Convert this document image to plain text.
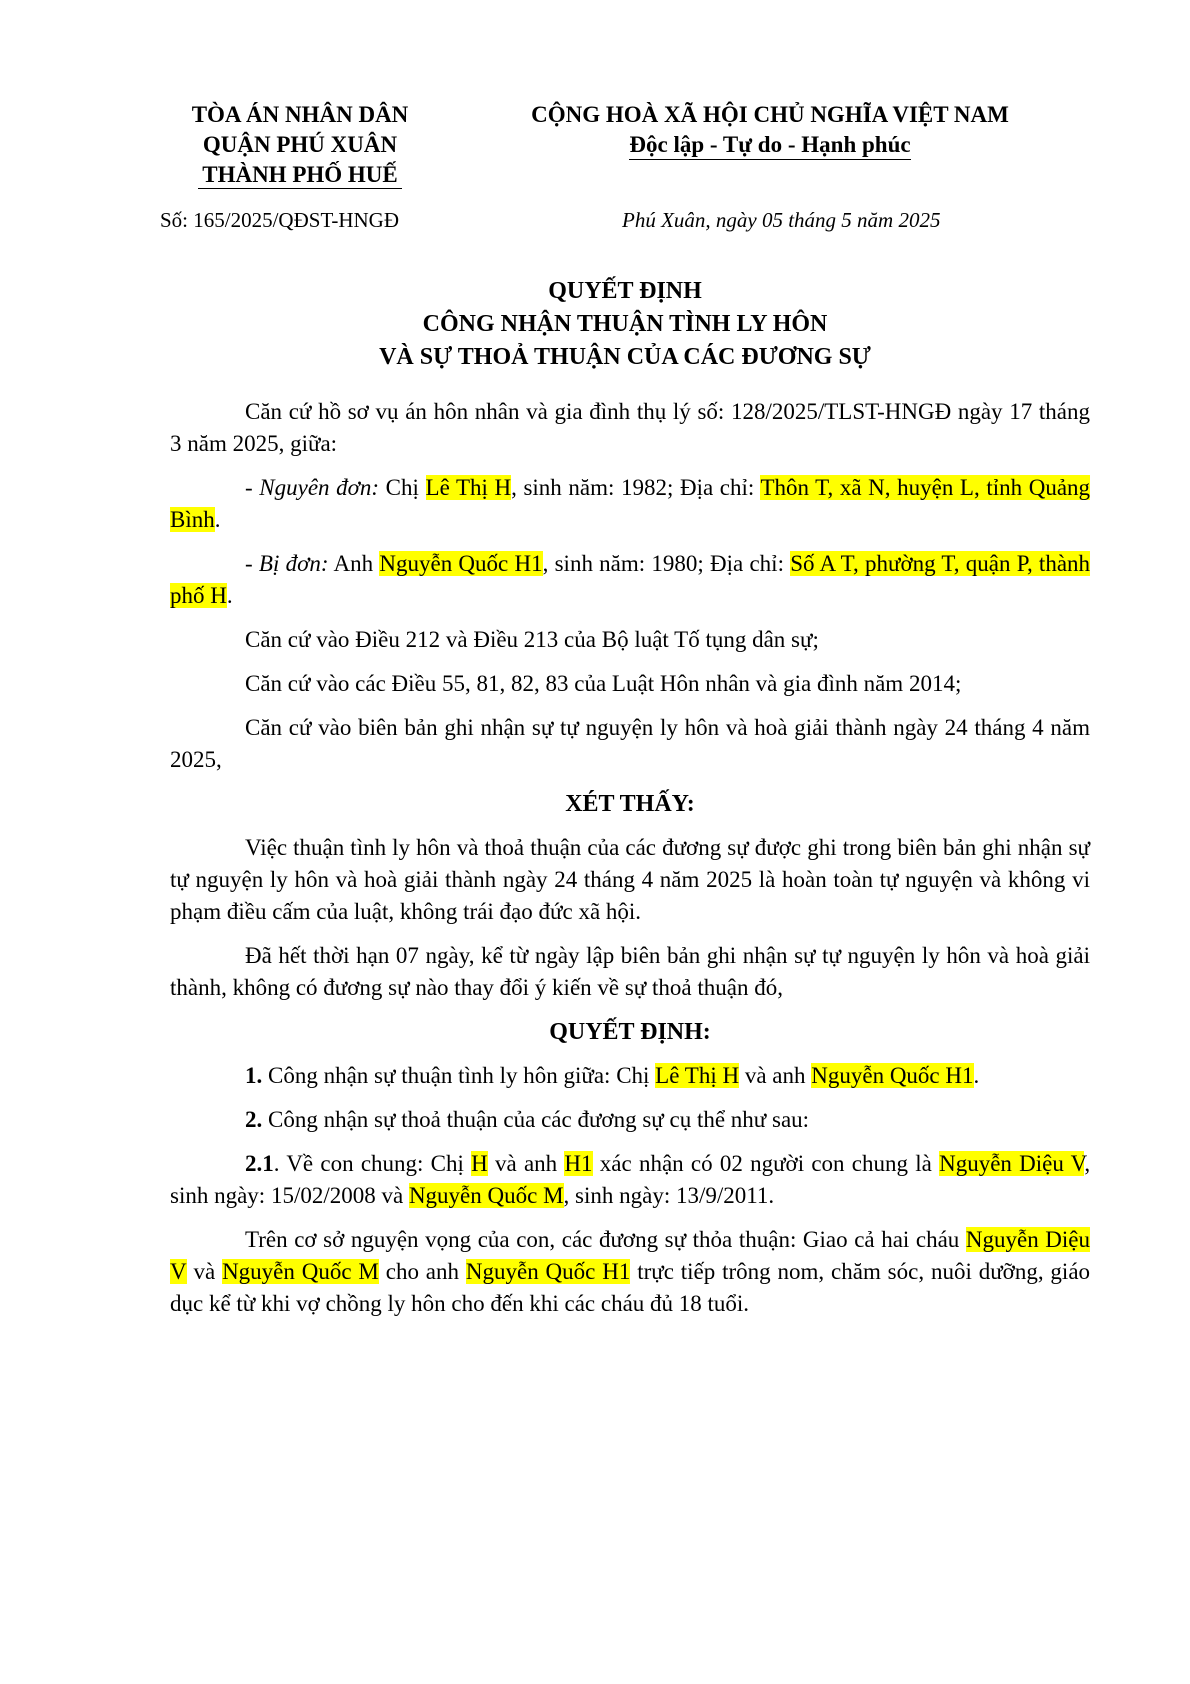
TÒA ÁN NHÂN DÂN
QUẬN PHÚ XUÂN
THÀNH PHỐ HUẾ
CỘNG HOÀ XÃ HỘI CHỦ NGHĨA VIỆT NAM
Độc lập - Tự do - Hạnh phúc
Số: 165/2025/QĐST-HNGĐ	Phú Xuân, ngày 05 tháng 5 năm 2025
QUYẾT ĐỊNH
CÔNG NHẬN THUẬN TÌNH LY HÔN
VÀ SỰ THOẢ THUẬN CỦA CÁC ĐƯƠNG SỰ

Căn cứ hồ sơ vụ án hôn nhân và gia đình thụ lý số: 128/2025/TLST-HNGĐ ngày 17 tháng 3 năm 2025, giữa:

- Nguyên đơn: Chị Lê Thị H, sinh năm: 1982; Địa chỉ: Thôn T, xã N, huyện L, tỉnh Quảng Bình.

- Bị đơn: Anh Nguyễn Quốc H1, sinh năm: 1980; Địa chỉ: Số A T, phường T, quận P, thành phố H.

Căn cứ vào Điều 212 và Điều 213 của Bộ luật Tố tụng dân sự;

Căn cứ vào các Điều 55, 81, 82, 83 của Luật Hôn nhân và gia đình năm 2014;

Căn cứ vào biên bản ghi nhận sự tự nguyện ly hôn và hoà giải thành ngày 24 tháng 4 năm 2025,

XÉT THẤY:

Việc thuận tình ly hôn và thoả thuận của các đương sự được ghi trong biên bản ghi nhận sự tự nguyện ly hôn và hoà giải thành ngày 24 tháng 4 năm 2025 là hoàn toàn tự nguyện và không vi phạm điều cấm của luật, không trái đạo đức xã hội.

Đã hết thời hạn 07 ngày, kể từ ngày lập biên bản ghi nhận sự tự nguyện ly hôn và hoà giải thành, không có đương sự nào thay đổi ý kiến về sự thoả thuận đó,

QUYẾT ĐỊNH:

1. Công nhận sự thuận tình ly hôn giữa: Chị Lê Thị H và anh Nguyễn Quốc H1.

2. Công nhận sự thoả thuận của các đương sự cụ thể như sau:

2.1. Về con chung: Chị H và anh H1 xác nhận có 02 người con chung là Nguyễn Diệu V, sinh ngày: 15/02/2008 và Nguyễn Quốc M, sinh ngày: 13/9/2011.

Trên cơ sở nguyện vọng của con, các đương sự thỏa thuận: Giao cả hai cháu Nguyễn Diệu V và Nguyễn Quốc M cho anh Nguyễn Quốc H1 trực tiếp trông nom, chăm sóc, nuôi dưỡng, giáo dục kể từ khi vợ chồng ly hôn cho đến khi các cháu đủ 18 tuổi.
